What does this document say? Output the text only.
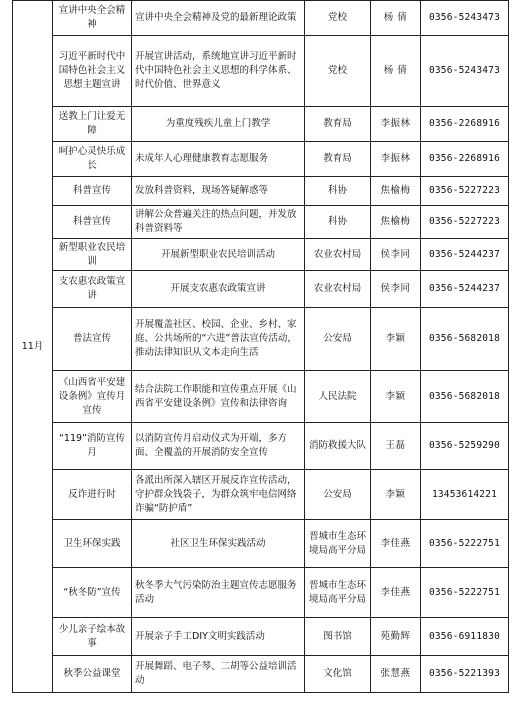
11月	宣讲中央全会精神	宣讲中央全会精神及党的最新理论政策	党校	杨 倩	0356-5243473
	习近平新时代中国特色社会主义思想主题宣讲	开展宣讲活动，系统地宣讲习近平新时代中国特色社会主义思想的科学体系、时代价值、世界意义	党校	杨 倩	0356-5243473
	送教上门让爱无障	为重度残疾儿童上门教学	教育局	李振林	0356-2268916
	呵护心灵快乐成长	未成年人心理健康教育志愿服务	教育局	李振林	0356-2268916
	科普宣传	发放科普资料，现场答疑解惑等	科协	焦榆梅	0356-5227223
	科普宣传	讲解公众普遍关注的热点问题，并发放科普资料等	科协	焦榆梅	0356-5227223
	新型职业农民培训	开展新型职业农民培训活动	农业农村局	侯李同	0356-5244237
	支农惠农政策宣讲	开展支农惠农政策宣讲	农业农村局	侯李同	0356-5244237
	普法宣传	开展覆盖社区、校园、企业、乡村、家庭、公共场所的“六进”普法宣传活动，推动法律知识从文本走向生活	公安局	李颖	0356-5682018
	《山西省平安建设条例》宣传月宣传	结合法院工作职能和宣传重点开展《山西省平安建设条例》宣传和法律咨询	人民法院	李颖	0356-5682018
	“119”消防宣传月	以消防宣传月启动仪式为开端，多方面、全覆盖的开展消防安全宣传	消防救援大队	王磊	0356-5259290
	反诈进行时	各派出所深入辖区开展反诈宣传活动，守护群众钱袋子，为群众筑牢电信网络诈骗“防护盾”	公安局	李颖	13453614221
	卫生环保实践	社区卫生环保实践活动	晋城市生态环境局高平分局	李佳燕	0356-5222751
	“秋冬防”宣传	秋冬季大气污染防治主题宣传志愿服务活动	晋城市生态环境局高平分局	李佳燕	0356-5222751
	少儿亲子绘本故事	开展亲子手工DIY文明实践活动	图书馆	苑勤辉	0356-6911830
	秋季公益课堂	开展舞蹈、电子琴、二胡等公益培训活动	文化馆	张慧燕	0356-5221393
